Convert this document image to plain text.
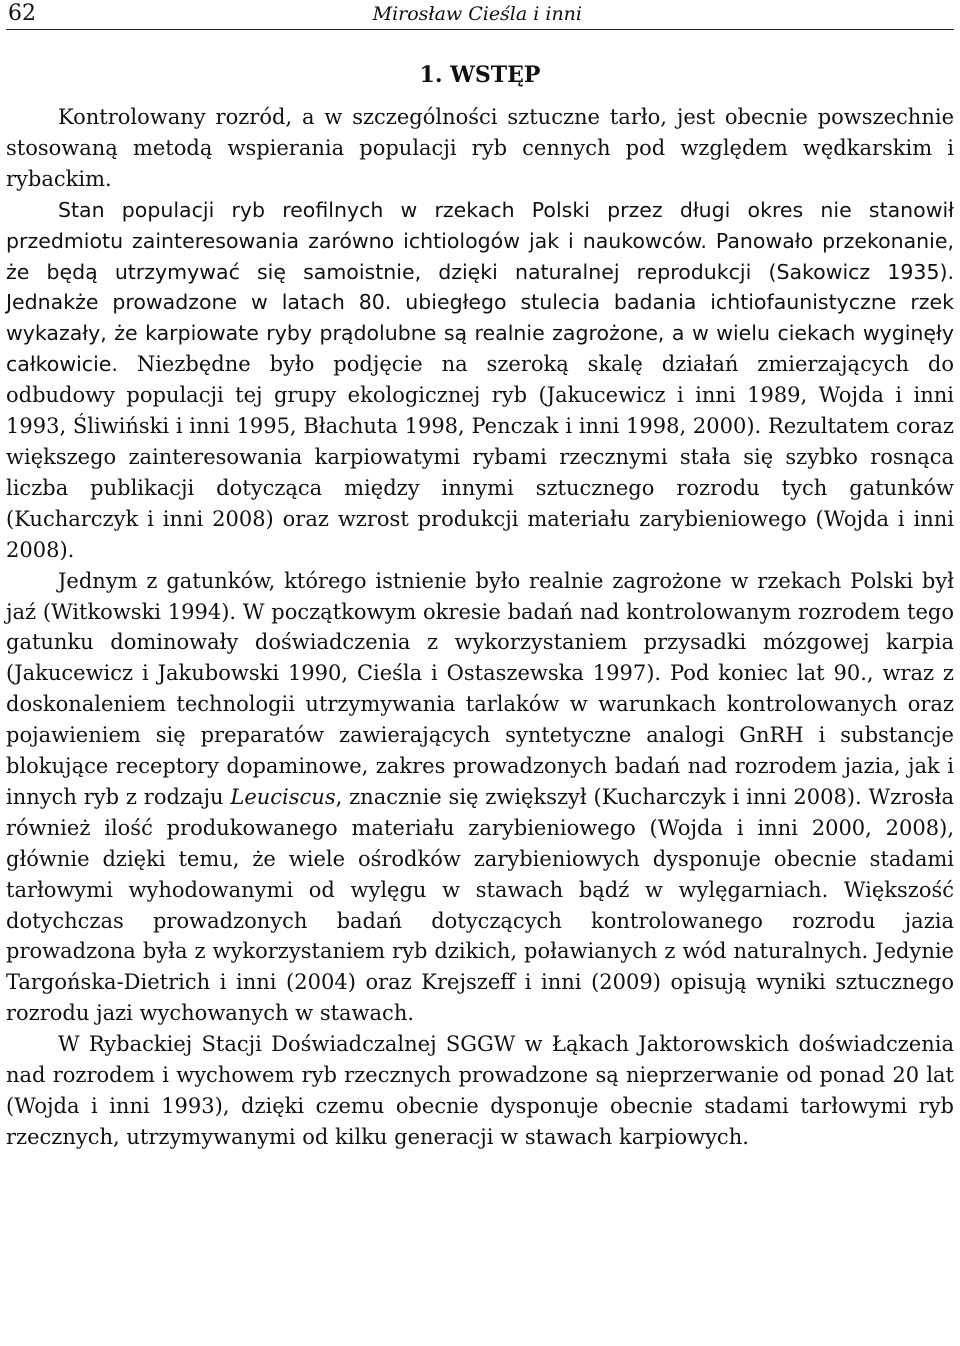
62	Mirosław Cieśla i inni
1. WSTĘP

Kontrolowany rozród, a w szczególności sztuczne tarło, jest obecnie powszechnie stosowaną metodą wspierania populacji ryb cennych pod względem wędkarskim i rybackim.

Stan populacji ryb reofilnych w rzekach Polski przez długi okres nie stanowił przedmiotu zainteresowania zarówno ichtiologów jak i naukowców. Panowało przekonanie, że będą utrzymywać się samoistnie, dzięki naturalnej reprodukcji (Sakowicz 1935). Jednakże prowadzone w latach 80. ubiegłego stulecia badania ichtiofaunistyczne rzek wykazały, że karpiowate ryby prądolubne są realnie zagrożone, a w wielu ciekach wyginęły całkowicie. Niezbędne było podjęcie na szeroką skalę działań zmierzających do odbudowy populacji tej grupy ekologicznej ryb (Jakucewicz i inni 1989, Wojda i inni 1993, Śliwiński i inni 1995, Błachuta 1998, Penczak i inni 1998, 2000). Rezultatem coraz większego zainteresowania karpiowatymi rybami rzecznymi stała się szybko rosnąca liczba publikacji dotycząca między innymi sztucznego rozrodu tych gatunków (Kucharczyk i inni 2008) oraz wzrost produkcji materiału zarybieniowego (Wojda i inni 2008).

Jednym z gatunków, którego istnienie było realnie zagrożone w rzekach Polski był jaź (Witkowski 1994). W początkowym okresie badań nad kontrolowanym rozrodem tego gatunku dominowały doświadczenia z wykorzystaniem przysadki mózgowej karpia (Jakucewicz i Jakubowski 1990, Cieśla i Ostaszewska 1997). Pod koniec lat 90., wraz z doskonaleniem technologii utrzymywania tarlaków w warunkach kontrolowanych oraz pojawieniem się preparatów zawierających syntetyczne analogi GnRH i substancje blokujące receptory dopaminowe, zakres prowadzonych badań nad rozrodem jazia, jak i innych ryb z rodzaju Leuciscus, znacznie się zwiększył (Kucharczyk i inni 2008). Wzrosła również ilość produkowanego materiału zarybieniowego (Wojda i inni 2000, 2008), głównie dzięki temu, że wiele ośrodków zarybieniowych dysponuje obecnie stadami tarłowymi wyhodowanymi od wylęgu w stawach bądź w wylęgarniach. Większość dotychczas prowadzonych badań dotyczących kontrolowanego rozrodu jazia prowadzona była z wykorzystaniem ryb dzikich, poławianych z wód naturalnych. Jedynie Targońska-Dietrich i inni (2004) oraz Krejszeff i inni (2009) opisują wyniki sztucznego rozrodu jazi wychowanych w stawach.

W Rybackiej Stacji Doświadczalnej SGGW w Łąkach Jaktorowskich doświadczenia nad rozrodem i wychowem ryb rzecznych prowadzone są nieprzerwanie od ponad 20 lat (Wojda i inni 1993), dzięki czemu obecnie dysponuje obecnie stadami tarłowymi ryb rzecznych, utrzymywanymi od kilku generacji w stawach karpiowych.
